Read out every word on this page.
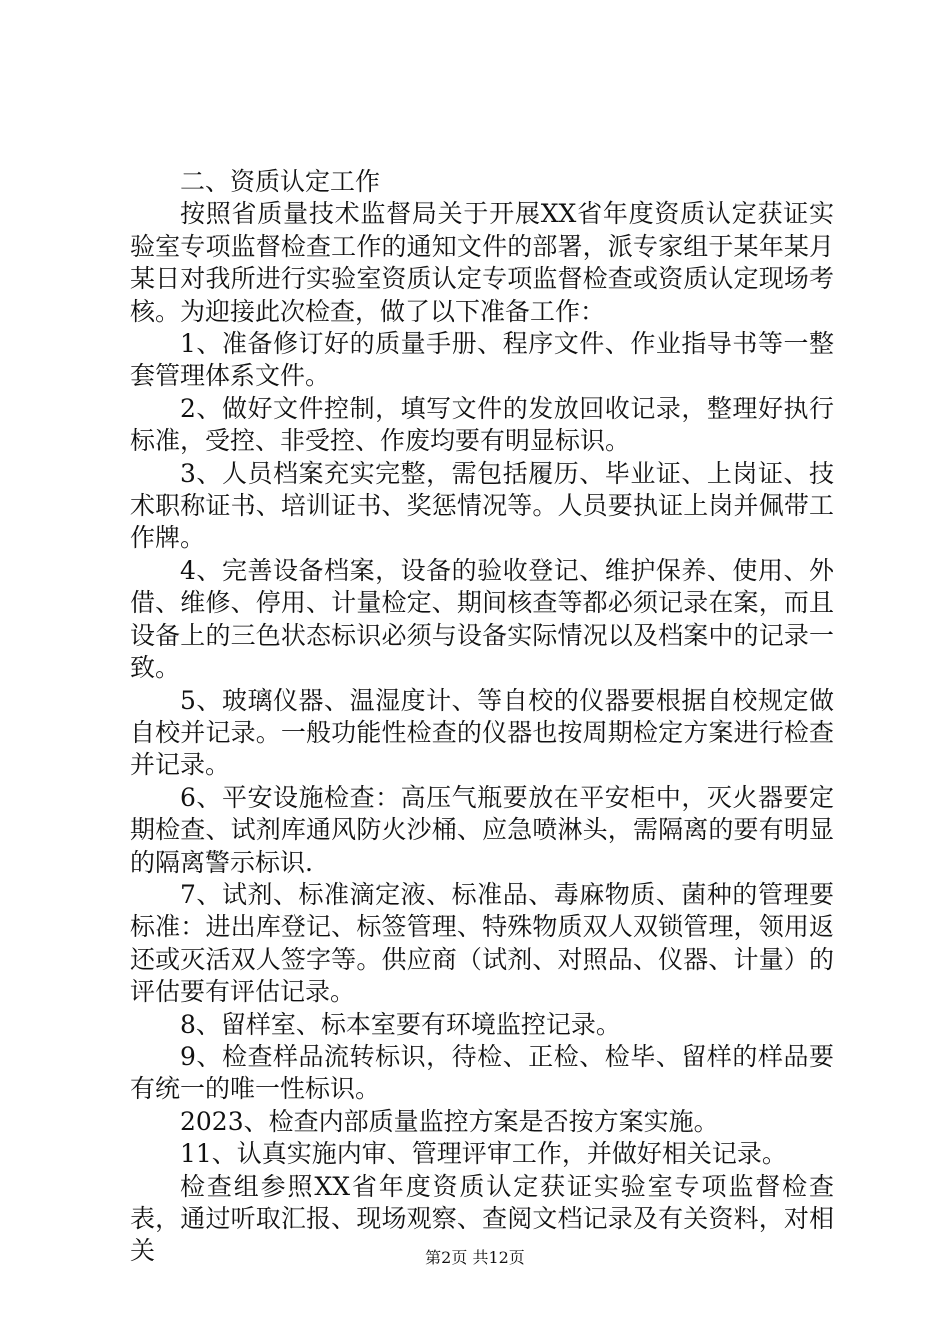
二、资质认定工作

按照省质量技术监督局关于开展XX省年度资质认定获证实验室专项监督检查工作的通知文件的部署，派专家组于某年某月某日对我所进行实验室资质认定专项监督检查或资质认定现场考核。为迎接此次检查，做了以下准备工作：

1、准备修订好的质量手册、程序文件、作业指导书等一整套管理体系文件。

2、做好文件控制，填写文件的发放回收记录，整理好执行标准，受控、非受控、作废均要有明显标识。

3、人员档案充实完整，需包括履历、毕业证、上岗证、技术职称证书、培训证书、奖惩情况等。人员要执证上岗并佩带工作牌。

4、完善设备档案，设备的验收登记、维护保养、使用、外借、维修、停用、计量检定、期间核查等都必须记录在案，而且设备上的三色状态标识必须与设备实际情况以及档案中的记录一致。

5、玻璃仪器、温湿度计、等自校的仪器要根据自校规定做自校并记录。一般功能性检查的仪器也按周期检定方案进行检查并记录。

6、平安设施检查：高压气瓶要放在平安柜中，灭火器要定期检查、试剂库通风防火沙桶、应急喷淋头，需隔离的要有明显的隔离警示标识.

7、试剂、标准滴定液、标准品、毒麻物质、菌种的管理要标准：进出库登记、标签管理、特殊物质双人双锁管理，领用返还或灭活双人签字等。供应商（试剂、对照品、仪器、计量）的评估要有评估记录。

8、留样室、标本室要有环境监控记录。

9、检查样品流转标识，待检、正检、检毕、留样的样品要有统一的唯一性标识。

2023、检查内部质量监控方案是否按方案实施。

11、认真实施内审、管理评审工作，并做好相关记录。

检查组参照XX省年度资质认定获证实验室专项监督检查表，通过听取汇报、现场观察、查阅文档记录及有关资料，对相关	第2页 共12页
